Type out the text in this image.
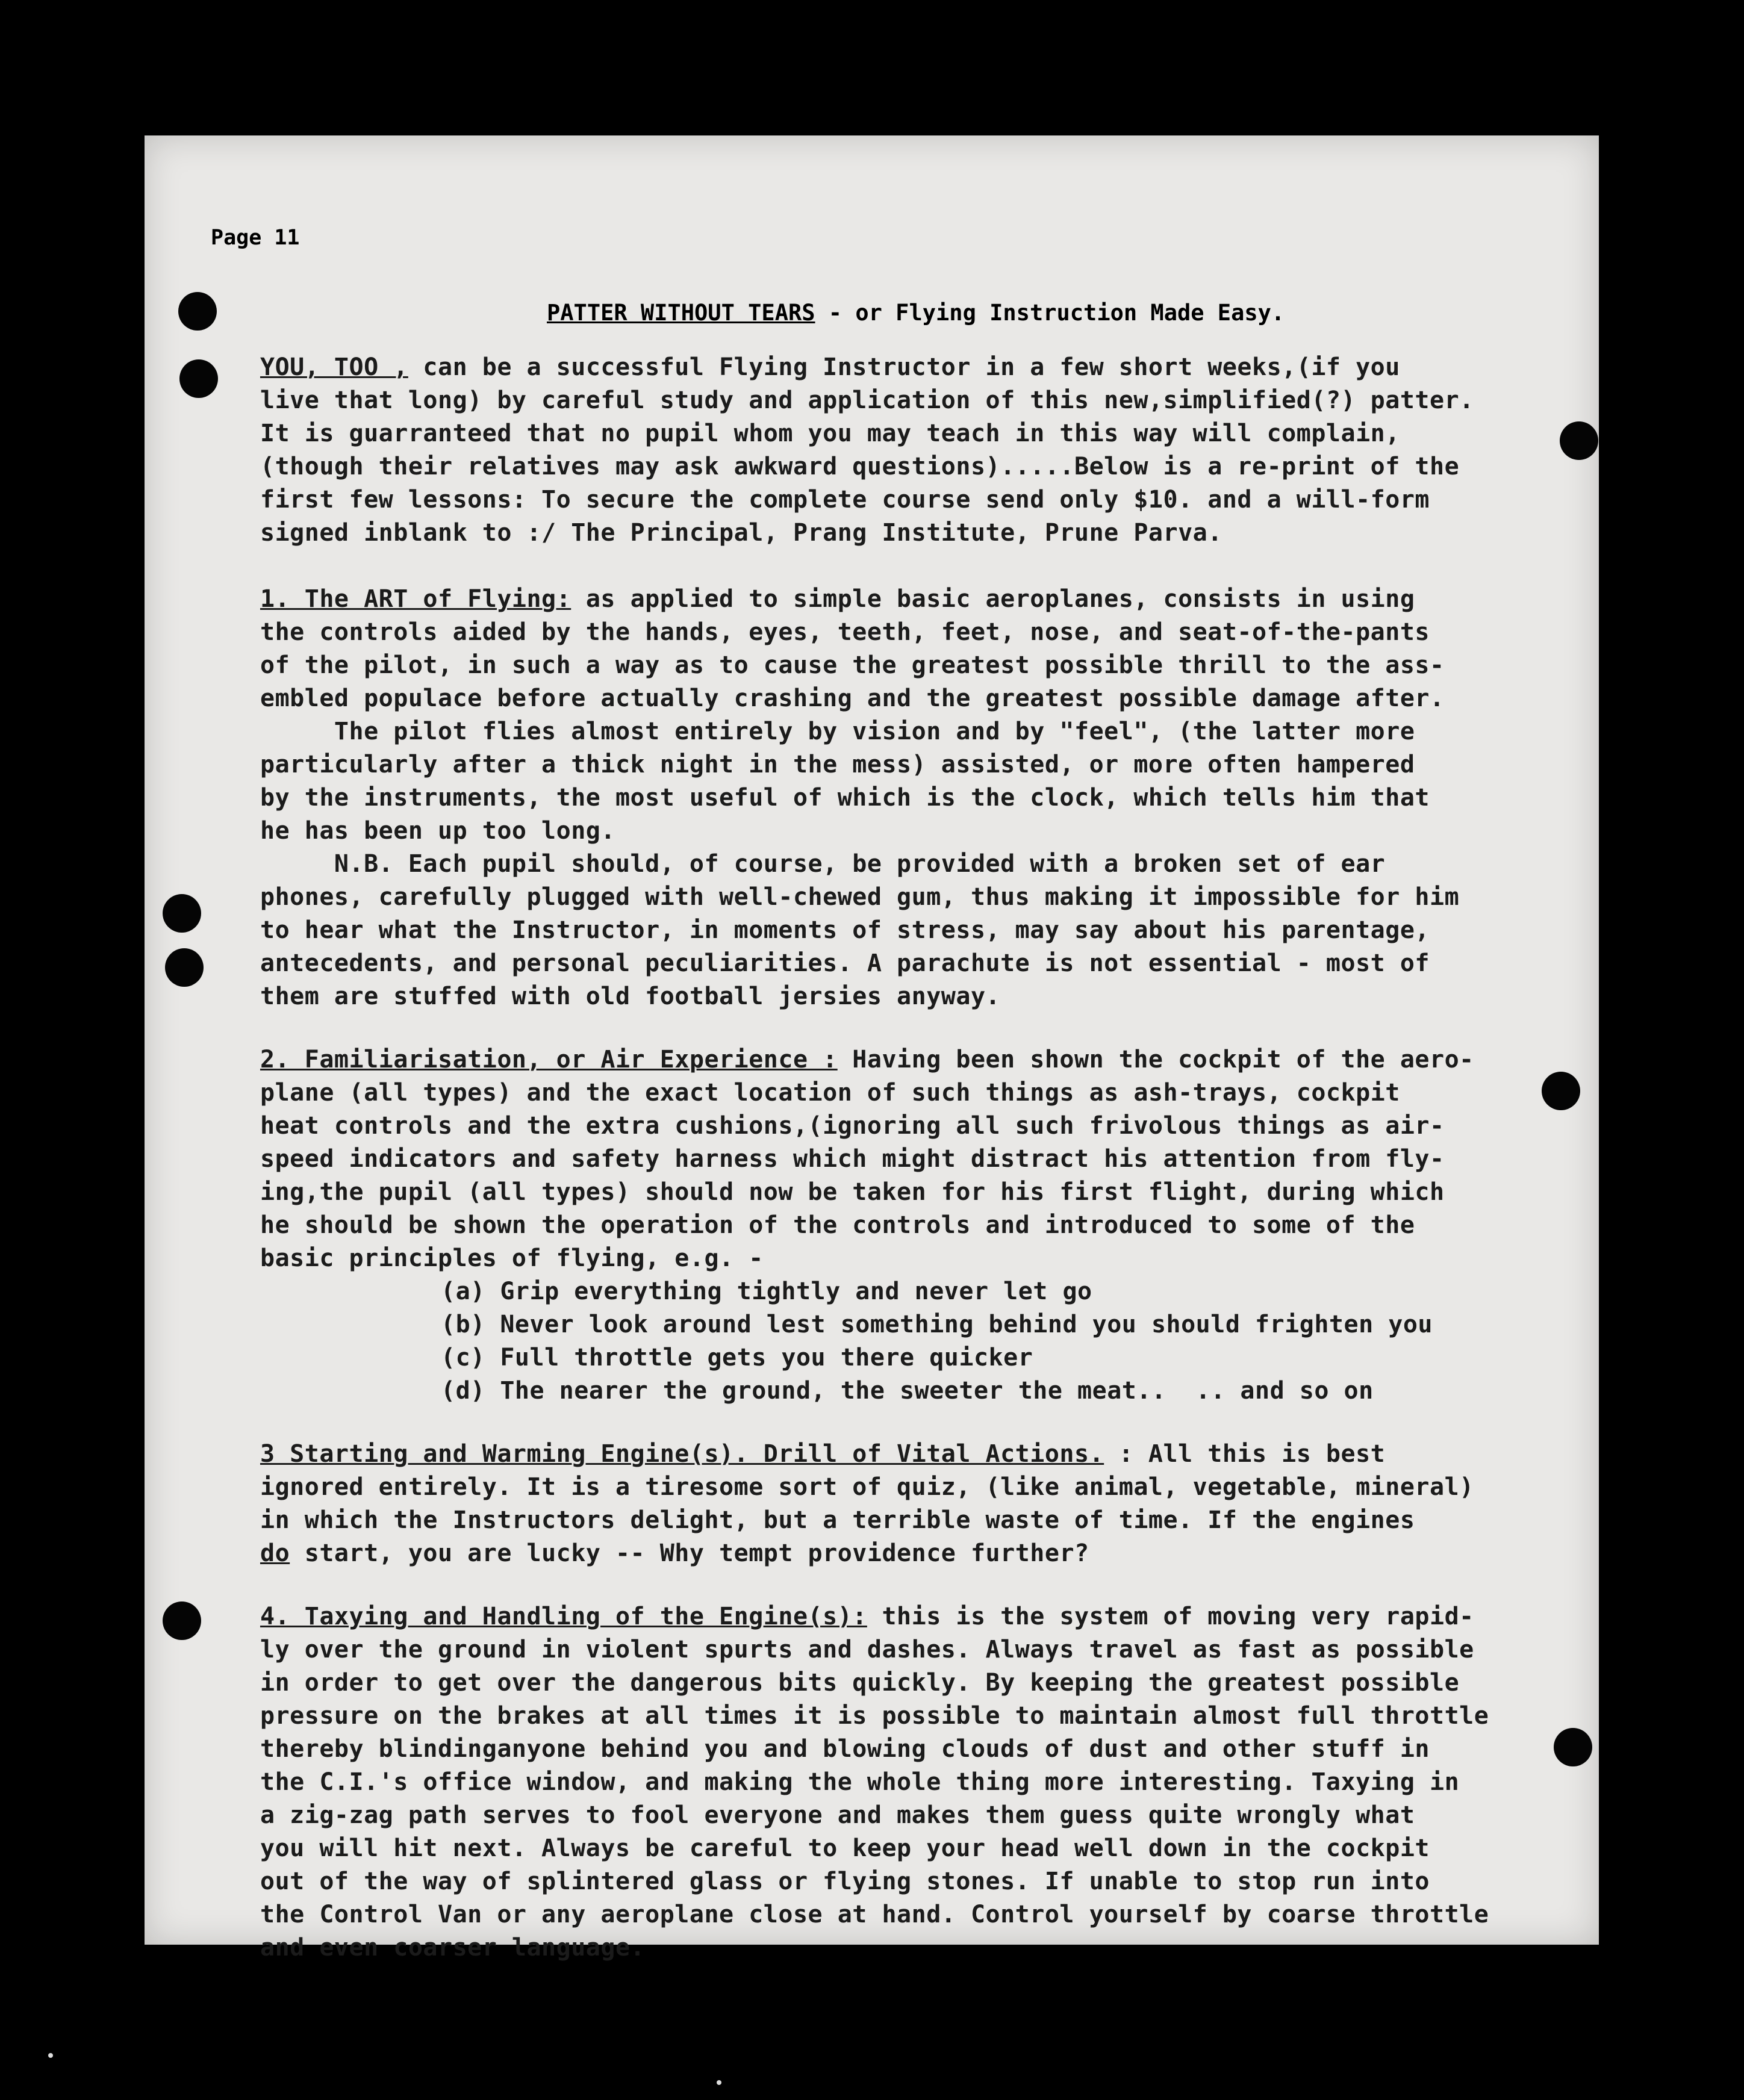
Page 11
PATTER WITHOUT TEARS - or Flying Instruction Made Easy.
YOU, TOO , can be a successful Flying Instructor in a few short weeks,(if you
live that long) by careful study and application of this new,simplified(?) patter.
It is guarranteed that no pupil whom you may teach in this way will complain,
(though their relatives may ask awkward questions).....Below is a re-print of the
first few lessons: To secure the complete course send only $10. and a will-form
signed inblank to :/ The Principal, Prang Institute, Prune Parva.
1. The ART of Flying: as applied to simple basic aeroplanes, consists in using
the controls aided by the hands, eyes, teeth, feet, nose, and seat-of-the-pants
of the pilot, in such a way as to cause the greatest possible thrill to the ass-
embled populace before actually crashing and the greatest possible damage after.
The pilot flies almost entirely by vision and by "feel", (the latter more
particularly after a thick night in the mess) assisted, or more often hampered
by the instruments, the most useful of which is the clock, which tells him that
he has been up too long.
N.B. Each pupil should, of course, be provided with a broken set of ear
phones, carefully plugged with well-chewed gum, thus making it impossible for him
to hear what the Instructor, in moments of stress, may say about his parentage,
antecedents, and personal peculiarities. A parachute is not essential - most of
them are stuffed with old football jersies anyway.
2. Familiarisation, or Air Experience : Having been shown the cockpit of the aero-
plane (all types) and the exact location of such things as ash-trays, cockpit
heat controls and the extra cushions,(ignoring all such frivolous things as air-
speed indicators and safety harness which might distract his attention from fly-
ing,the pupil (all types) should now be taken for his first flight, during which
he should be shown the operation of the controls and introduced to some of the
basic principles of flying, e.g. -
(a) Grip everything tightly and never let go
(b) Never look around lest something behind you should frighten you
(c) Full throttle gets you there quicker
(d) The nearer the ground, the sweeter the meat..  .. and so on
3 Starting and Warming Engine(s). Drill of Vital Actions. : All this is best
ignored entirely. It is a tiresome sort of quiz, (like animal, vegetable, mineral)
in which the Instructors delight, but a terrible waste of time. If the engines
do start, you are lucky -- Why tempt providence further?
4. Taxying and Handling of the Engine(s): this is the system of moving very rapid-
ly over the ground in violent spurts and dashes. Always travel as fast as possible
in order to get over the dangerous bits quickly. By keeping the greatest possible
pressure on the brakes at all times it is possible to maintain almost full throttle
thereby blindinganyone behind you and blowing clouds of dust and other stuff in
the C.I.'s office window, and making the whole thing more interesting. Taxying in
a zig-zag path serves to fool everyone and makes them guess quite wrongly what
you will hit next. Always be careful to keep your head well down in the cockpit
out of the way of splintered glass or flying stones. If unable to stop run into
the Control Van or any aeroplane close at hand. Control yourself by coarse throttle
and even coarser language.
(continued on next page)
